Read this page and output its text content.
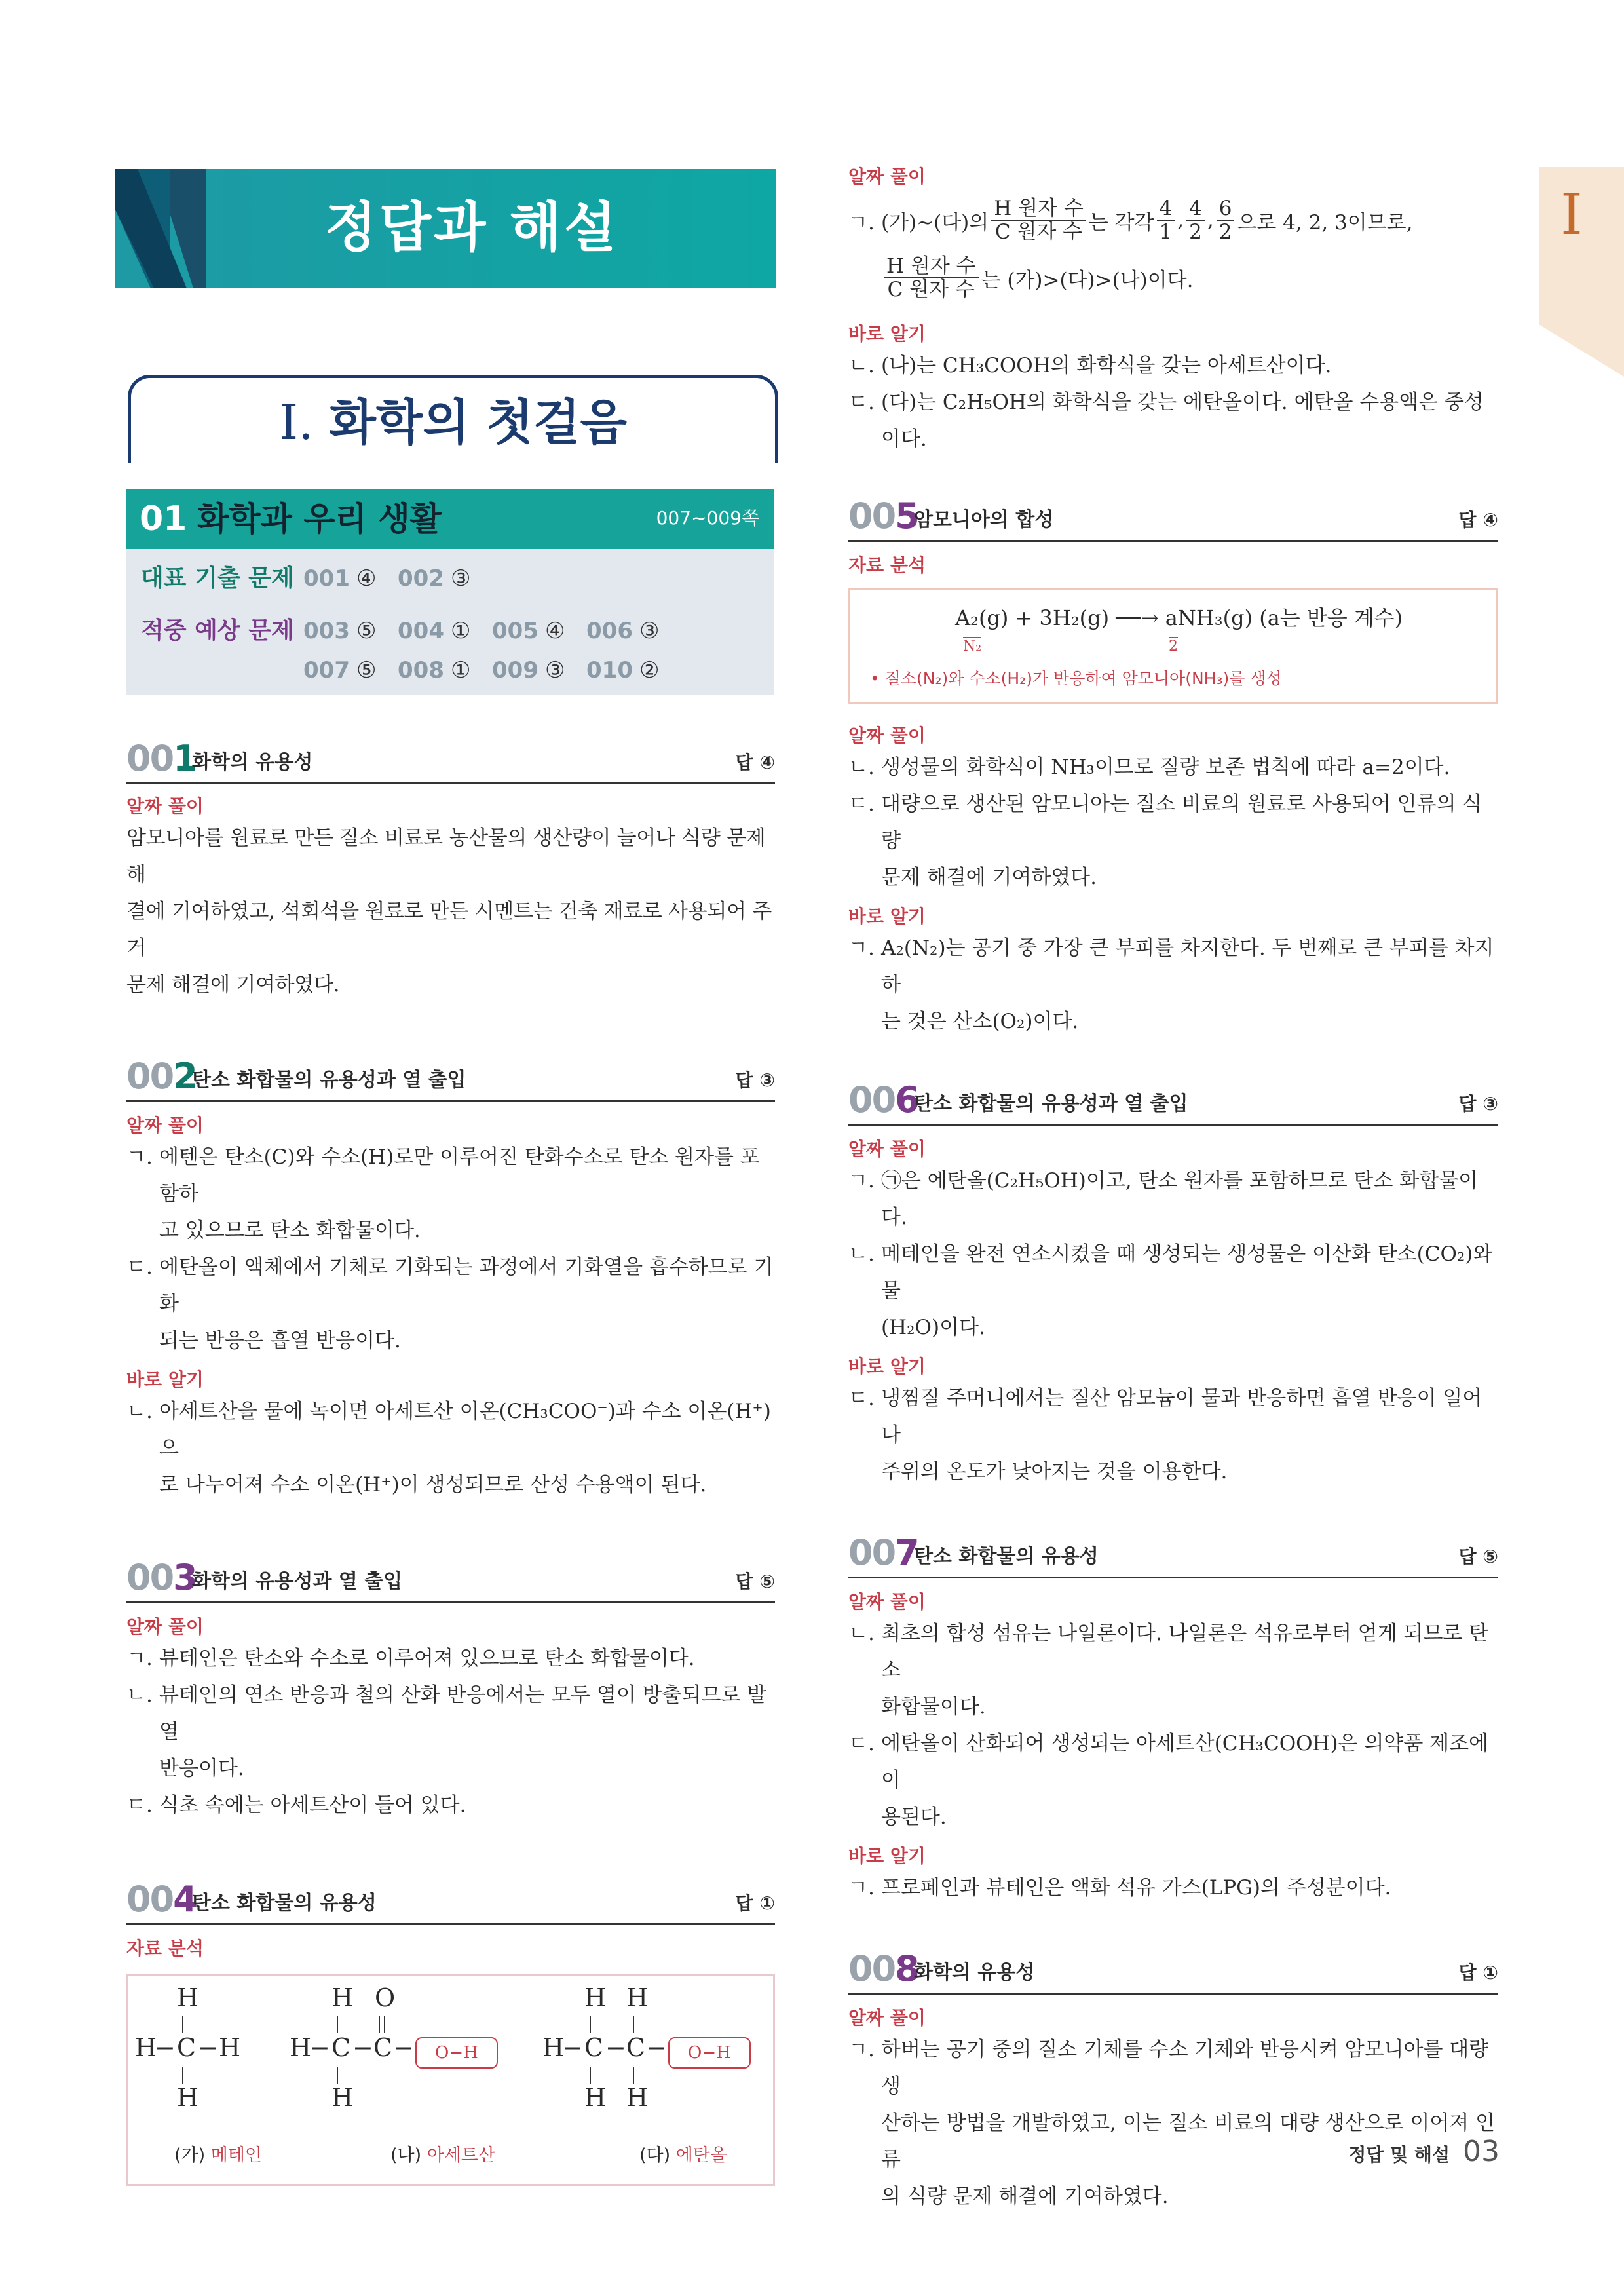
I
정답과 해설
I. 화학의 첫걸음
01 화학과 우리 생활	007~009쪽
대표 기출 문제 001 ④ 002 ③
적중 예상 문제 003 ⑤ 004 ① 005 ④ 006 ③
007 ⑤ 008 ① 009 ③ 010 ②
001
화학의 유용성	답 ④
알짜 풀이
암모니아를 원료로 만든 질소 비료로 농산물의 생산량이 늘어나 식량 문제 해
결에 기여하였고, 석회석을 원료로 만든 시멘트는 건축 재료로 사용되어 주거
문제 해결에 기여하였다.
002
탄소 화합물의 유용성과 열 출입	답 ③
알짜 풀이
ㄱ. 에텐은 탄소(C)와 수소(H)로만 이루어진 탄화수소로 탄소 원자를 포함하
고 있으므로 탄소 화합물이다.
ㄷ. 에탄올이 액체에서 기체로 기화되는 과정에서 기화열을 흡수하므로 기화
되는 반응은 흡열 반응이다.
바로 알기
ㄴ. 아세트산을 물에 녹이면 아세트산 이온(CH₃COO⁻)과 수소 이온(H⁺)으
로 나누어져 수소 이온(H⁺)이 생성되므로 산성 수용액이 된다.
003
화학의 유용성과 열 출입	답 ⑤
알짜 풀이
ㄱ. 뷰테인은 탄소와 수소로 이루어져 있으므로 탄소 화합물이다.
ㄴ. 뷰테인의 연소 반응과 철의 산화 반응에서는 모두 열이 방출되므로 발열
반응이다.
ㄷ. 식초 속에는 아세트산이 들어 있다.
004
탄소 화합물의 유용성	답 ①
자료 분석
H
H
− C − H
H
H O
H
− C − C −	O−H
H
H H
H
− C − C −	O−H
H H
(가) 메테인	(나) 아세트산	(다) 에탄올
알짜 풀이
ㄱ. (가)~(다)의 $\frac{\text{H 원자 수}}{\text{C 원자 수}}$ 는 각각 $\frac{4}{1}$ , $\frac{4}{2}$ , $\frac{6}{2}$ 으로 4, 2, 3이므로,
$\frac{\text{H 원자 수}}{\text{C 원자 수}}$ 는 (가)>(다)>(나)이다.
바로 알기
ㄴ. (나)는 CH₃COOH의 화학식을 갖는 아세트산이다.
ㄷ. (다)는 C₂H₅OH의 화학식을 갖는 에탄올이다. 에탄올 수용액은 중성이다.
005
암모니아의 합성	답 ④
자료 분석
A₂(g) + 3H₂(g) ──→ aNH₃(g) (a는 반응 계수)
N₂	2
• 질소(N₂)와 수소(H₂)가 반응하여 암모니아(NH₃)를 생성
알짜 풀이
ㄴ. 생성물의 화학식이 NH₃이므로 질량 보존 법칙에 따라 a=2이다.
ㄷ. 대량으로 생산된 암모니아는 질소 비료의 원료로 사용되어 인류의 식량
문제 해결에 기여하였다.
바로 알기
ㄱ. A₂(N₂)는 공기 중 가장 큰 부피를 차지한다. 두 번째로 큰 부피를 차지하
는 것은 산소(O₂)이다.
006
탄소 화합물의 유용성과 열 출입	답 ③
알짜 풀이
ㄱ. ㉠은 에탄올(C₂H₅OH)이고, 탄소 원자를 포함하므로 탄소 화합물이다.
ㄴ. 메테인을 완전 연소시켰을 때 생성되는 생성물은 이산화 탄소(CO₂)와 물
(H₂O)이다.
바로 알기
ㄷ. 냉찜질 주머니에서는 질산 암모늄이 물과 반응하면 흡열 반응이 일어나
주위의 온도가 낮아지는 것을 이용한다.
007
탄소 화합물의 유용성	답 ⑤
알짜 풀이
ㄴ. 최초의 합성 섬유는 나일론이다. 나일론은 석유로부터 얻게 되므로 탄소
화합물이다.
ㄷ. 에탄올이 산화되어 생성되는 아세트산(CH₃COOH)은 의약품 제조에 이
용된다.
바로 알기
ㄱ. 프로페인과 뷰테인은 액화 석유 가스(LPG)의 주성분이다.
008
화학의 유용성	답 ①
알짜 풀이
ㄱ. 하버는 공기 중의 질소 기체를 수소 기체와 반응시켜 암모니아를 대량 생
산하는 방법을 개발하였고, 이는 질소 비료의 대량 생산으로 이어져 인류
의 식량 문제 해결에 기여하였다.
정답 및 해설 03
